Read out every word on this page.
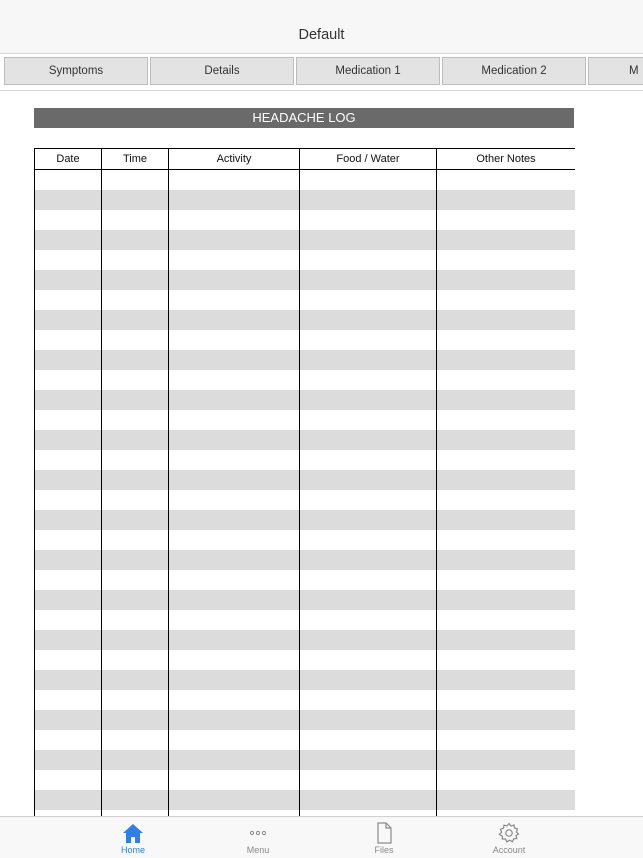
Default
Symptoms	Details	Medication 1	Medication 2	M
HEADACHE LOG
Date	Time	Activity	Food / Water	Other Notes

Home	Menu	Files	Account
